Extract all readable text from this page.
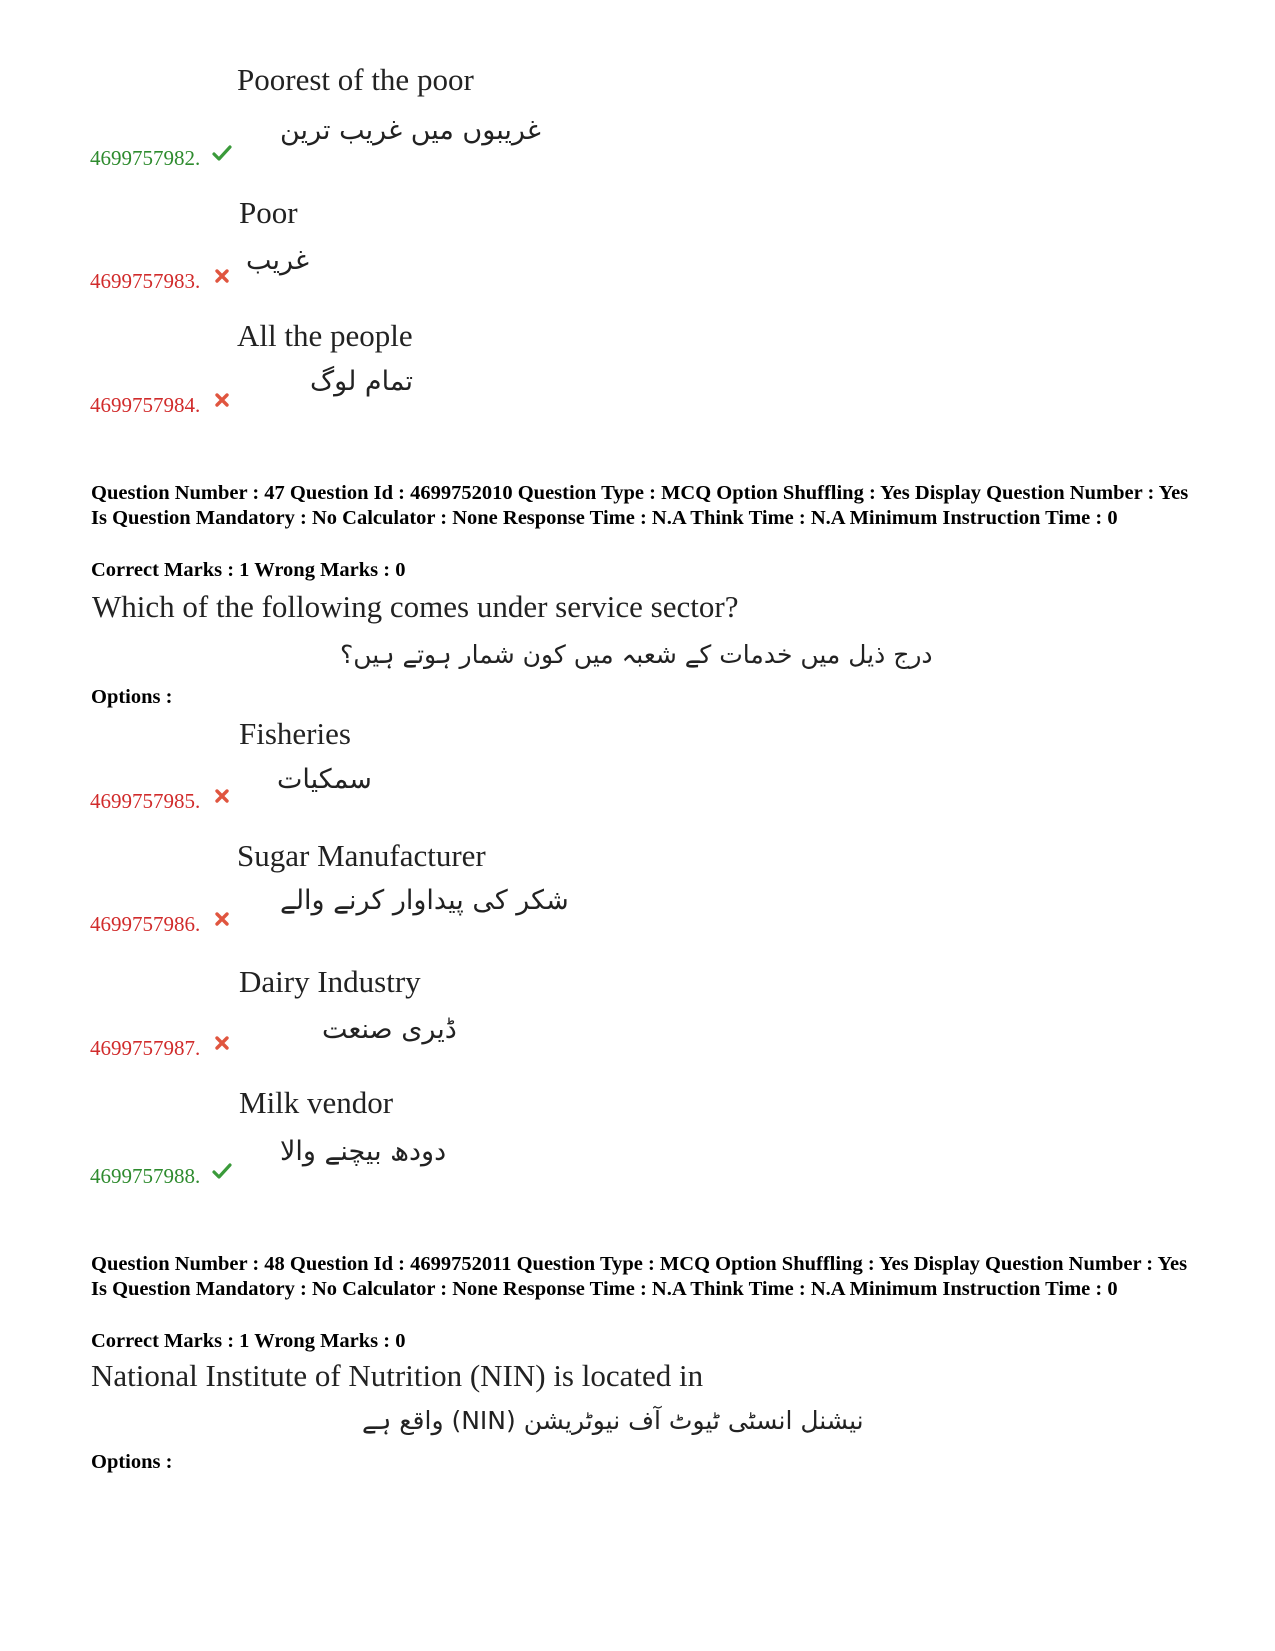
Poorest of the poor
غریبوں میں غریب ترین
4699757982.
Poor
غریب
4699757983.
All the people
تمام لوگ
4699757984.
Question Number : 47 Question Id : 4699752010 Question Type : MCQ Option Shuffling : Yes Display Question Number : Yes Is Question Mandatory : No Calculator : None Response Time : N.A Think Time : N.A Minimum Instruction Time : 0
Correct Marks : 1 Wrong Marks : 0
Which of the following comes under service sector?
درج ذیل میں خدمات کے شعبہ میں کون شمار ہوتے ہیں؟
Options :
Fisheries
سمکیات
4699757985.
Sugar Manufacturer
شکر کی پیداوار کرنے والے
4699757986.
Dairy Industry
ڈیری صنعت
4699757987.
Milk vendor
دودھ بیچنے والا
4699757988.
Question Number : 48 Question Id : 4699752011 Question Type : MCQ Option Shuffling : Yes Display Question Number : Yes Is Question Mandatory : No Calculator : None Response Time : N.A Think Time : N.A Minimum Instruction Time : 0
Correct Marks : 1 Wrong Marks : 0
National Institute of Nutrition (NIN) is located in
نیشنل انسٹی ٹیوٹ آف نیوٹریشن (NIN) واقع ہے
Options :
